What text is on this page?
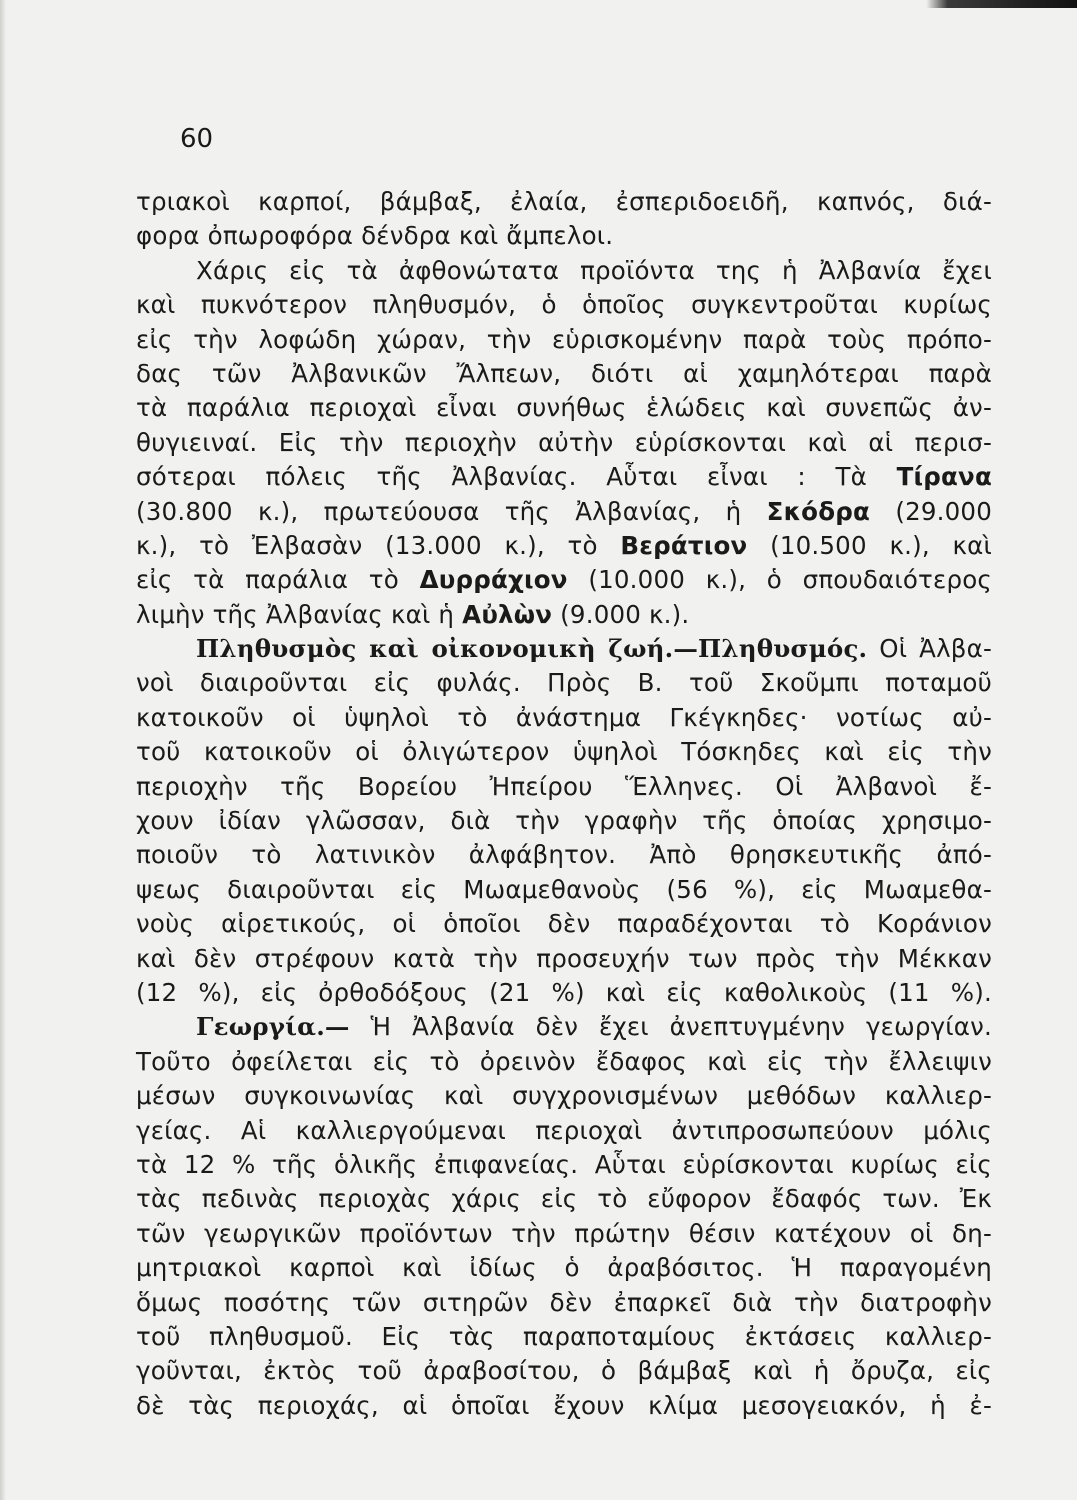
60
τριακοὶ καρποί, βάμβαξ, ἐλαία, ἐσπεριδοειδῆ, καπνός, διά-
φορα ὀπωροφόρα δένδρα καὶ ἄμπελοι.
Χάρις εἰς τὰ ἀφθονώτατα προϊόντα της ἡ Ἀλβανία ἔχει
καὶ πυκνότερον πληθυσμόν, ὁ ὁποῖος συγκεντροῦται κυρίως
εἰς τὴν λοφώδη χώραν, τὴν εὑρισκομένην παρὰ τοὺς πρόπο-
δας τῶν Ἀλβανικῶν Ἄλπεων, διότι αἱ χαμηλότεραι παρὰ
τὰ παράλια περιοχαὶ εἶναι συνήθως ἑλώδεις καὶ συνεπῶς ἀν-
θυγιειναί. Εἰς τὴν περιοχὴν αὐτὴν εὑρίσκονται καὶ αἱ περισ-
σότεραι πόλεις τῆς Ἀλβανίας. Αὗται εἶναι : Τὰ Τίρανα
(30.800 κ.), πρωτεύουσα τῆς Ἀλβανίας, ἡ Σκόδρα (29.000
κ.), τὸ Ἐλβασὰν (13.000 κ.), τὸ Βεράτιον (10.500 κ.), καὶ
εἰς τὰ παράλια τὸ Δυρράχιον (10.000 κ.), ὁ σπουδαιότερος
λιμὴν τῆς Ἀλβανίας καὶ ἡ Αὐλὼν (9.000 κ.).
Πληθυσμὸς καὶ οἰκονομικὴ ζωή.—Πληθυσμός. Οἱ Ἀλβα-
νοὶ διαιροῦνται εἰς φυλάς. Πρὸς Β. τοῦ Σκοῦμπι ποταμοῦ
κατοικοῦν οἱ ὑψηλοὶ τὸ ἀνάστημα Γκέγκηδες· νοτίως αὐ-
τοῦ κατοικοῦν οἱ ὀλιγώτερον ὑψηλοὶ Τόσκηδες καὶ εἰς τὴν
περιοχὴν τῆς Βορείου Ἠπείρου Ἕλληνες. Οἱ Ἀλβανοὶ ἔ-
χουν ἰδίαν γλῶσσαν, διὰ τὴν γραφὴν τῆς ὁποίας χρησιμο-
ποιοῦν τὸ λατινικὸν ἀλφάβητον. Ἀπὸ θρησκευτικῆς ἀπό-
ψεως διαιροῦνται εἰς Μωαμεθανοὺς (56 %), εἰς Μωαμεθα-
νοὺς αἱρετικούς, οἱ ὁποῖοι δὲν παραδέχονται τὸ Κοράνιον
καὶ δὲν στρέφουν κατὰ τὴν προσευχήν των πρὸς τὴν Μέκκαν
(12 %), εἰς ὀρθοδόξους (21 %) καὶ εἰς καθολικοὺς (11 %).
Γεωργία.— Ἡ Ἀλβανία δὲν ἔχει ἀνεπτυγμένην γεωργίαν.
Τοῦτο ὀφείλεται εἰς τὸ ὀρεινὸν ἔδαφος καὶ εἰς τὴν ἔλλειψιν
μέσων συγκοινωνίας καὶ συγχρονισμένων μεθόδων καλλιερ-
γείας. Αἱ καλλιεργούμεναι περιοχαὶ ἀντιπροσωπεύουν μόλις
τὰ 12 % τῆς ὁλικῆς ἐπιφανείας. Αὗται εὑρίσκονται κυρίως εἰς
τὰς πεδινὰς περιοχὰς χάρις εἰς τὸ εὔφορον ἔδαφός των. Ἐκ
τῶν γεωργικῶν προϊόντων τὴν πρώτην θέσιν κατέχουν οἱ δη-
μητριακοὶ καρποὶ καὶ ἰδίως ὁ ἀραβόσιτος. Ἡ παραγομένη
ὅμως ποσότης τῶν σιτηρῶν δὲν ἐπαρκεῖ διὰ τὴν διατροφὴν
τοῦ πληθυσμοῦ. Εἰς τὰς παραποταμίους ἐκτάσεις καλλιερ-
γοῦνται, ἐκτὸς τοῦ ἀραβοσίτου, ὁ βάμβαξ καὶ ἡ ὄρυζα, εἰς
δὲ τὰς περιοχάς, αἱ ὁποῖαι ἔχουν κλίμα μεσογειακόν, ἡ ἐ-
